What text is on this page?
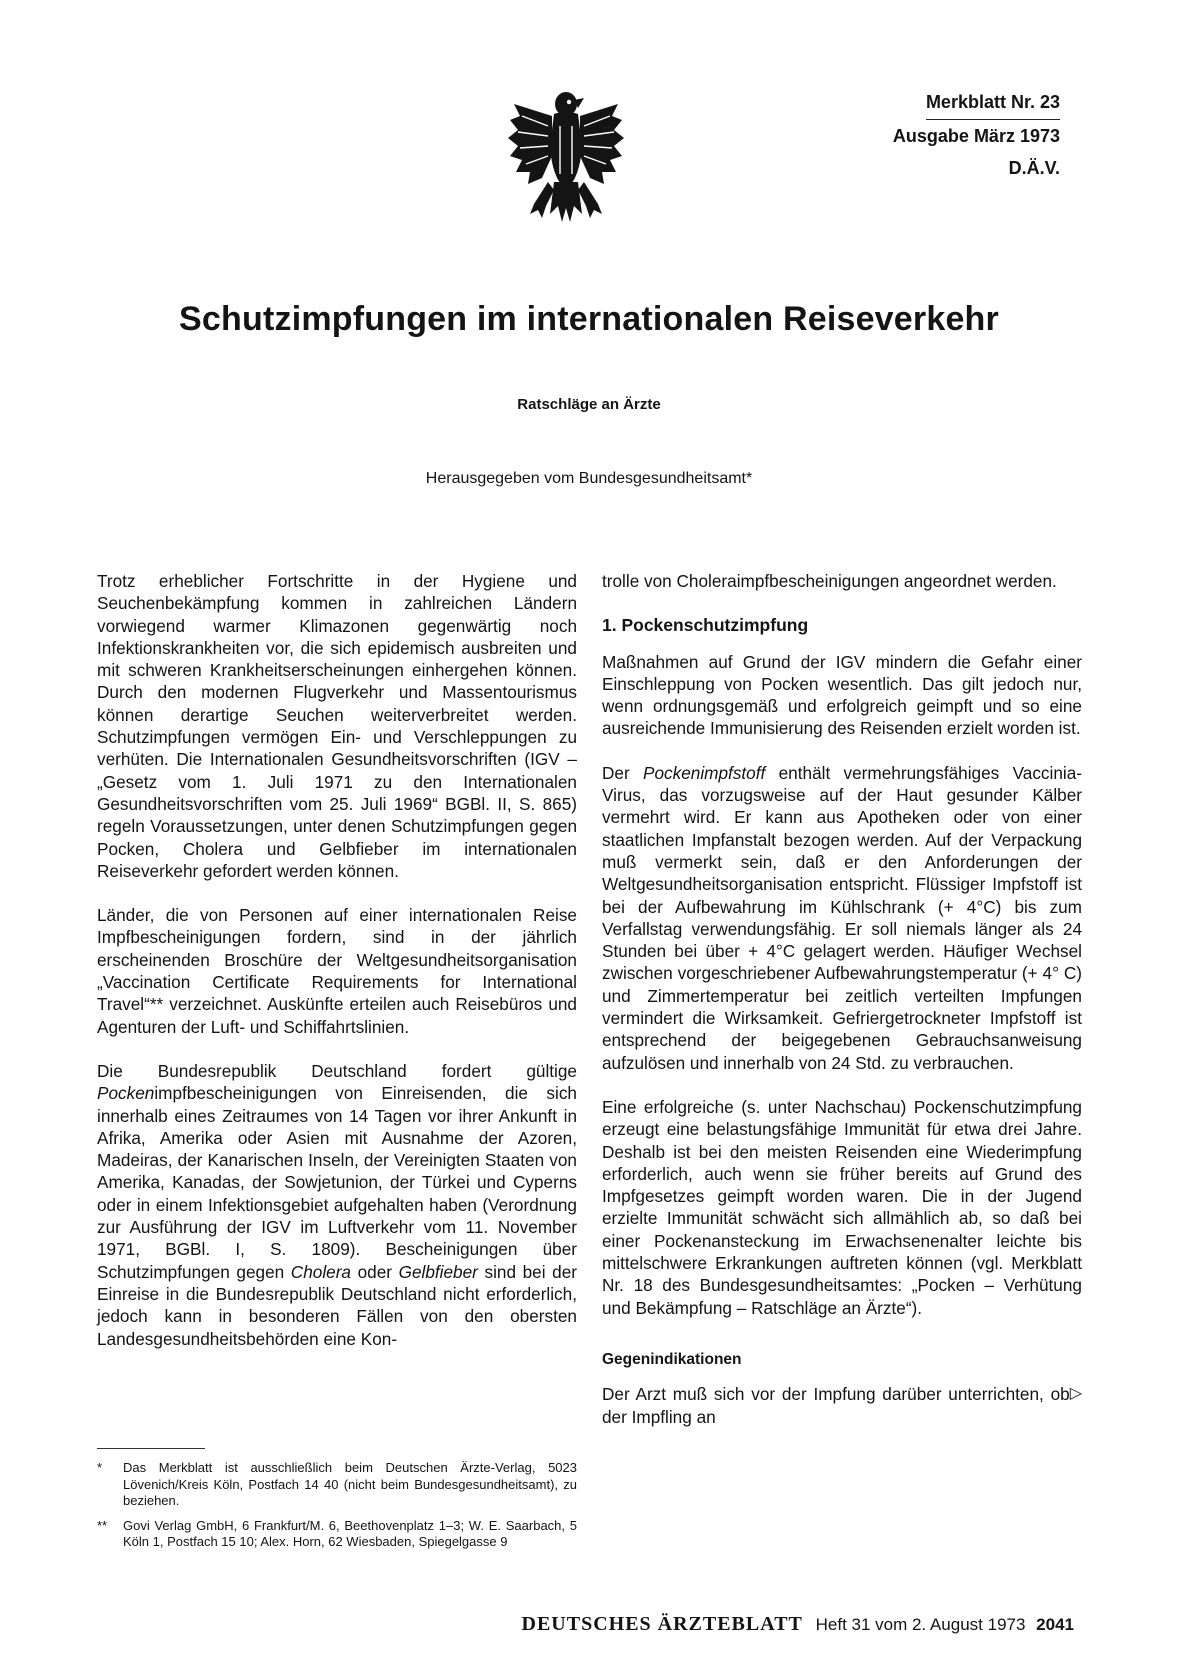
Merkblatt Nr. 23
Ausgabe März 1973
D.Ä.V.
Schutzimpfungen im internationalen Reiseverkehr
Ratschläge an Ärzte
Herausgegeben vom Bundesgesundheitsamt*

Trotz erheblicher Fortschritte in der Hygiene und Seuchenbekämpfung kommen in zahlreichen Ländern vorwiegend warmer Klimazonen gegenwärtig noch Infektionskrankheiten vor, die sich epidemisch ausbreiten und mit schweren Krankheitserscheinungen einhergehen können. Durch den modernen Flugverkehr und Massentourismus können derartige Seuchen weiterverbreitet werden. Schutzimpfungen vermögen Ein- und Verschleppungen zu verhüten. Die Internationalen Gesundheitsvorschriften (IGV – „Gesetz vom 1. Juli 1971 zu den Internationalen Gesundheitsvorschriften vom 25. Juli 1969“ BGBl. II, S. 865) regeln Voraussetzungen, unter denen Schutzimpfungen gegen Pocken, Cholera und Gelbfieber im internationalen Reiseverkehr gefordert werden können.

Länder, die von Personen auf einer internationalen Reise Impfbescheinigungen fordern, sind in der jährlich erscheinenden Broschüre der Weltgesundheitsorganisation „Vaccination Certificate Requirements for International Travel“** verzeichnet. Auskünfte erteilen auch Reisebüros und Agenturen der Luft- und Schiffahrtslinien.

Die Bundesrepublik Deutschland fordert gültige Pockenimpfbescheinigungen von Einreisenden, die sich innerhalb eines Zeitraumes von 14 Tagen vor ihrer Ankunft in Afrika, Amerika oder Asien mit Ausnahme der Azoren, Madeiras, der Kanarischen Inseln, der Vereinigten Staaten von Amerika, Kanadas, der Sowjetunion, der Türkei und Cyperns oder in einem Infektionsgebiet aufgehalten haben (Verordnung zur Ausführung der IGV im Luftverkehr vom 11. November 1971, BGBl. I, S. 1809). Bescheinigungen über Schutzimpfungen gegen Cholera oder Gelbfieber sind bei der Einreise in die Bundesrepublik Deutschland nicht erforderlich, jedoch kann in besonderen Fällen von den obersten Landesgesundheitsbehörden eine Kon-

trolle von Choleraimpfbescheinigungen angeordnet werden.

1. Pockenschutzimpfung

Maßnahmen auf Grund der IGV mindern die Gefahr einer Einschleppung von Pocken wesentlich. Das gilt jedoch nur, wenn ordnungsgemäß und erfolgreich geimpft und so eine ausreichende Immunisierung des Reisenden erzielt worden ist.

Der Pockenimpfstoff enthält vermehrungsfähiges Vaccinia-Virus, das vorzugsweise auf der Haut gesunder Kälber vermehrt wird. Er kann aus Apotheken oder von einer staatlichen Impfanstalt bezogen werden. Auf der Verpackung muß vermerkt sein, daß er den Anforderungen der Weltgesundheitsorganisation entspricht. Flüssiger Impfstoff ist bei der Aufbewahrung im Kühlschrank (+ 4°C) bis zum Verfallstag verwendungsfähig. Er soll niemals länger als 24 Stunden bei über + 4°C gelagert werden. Häufiger Wechsel zwischen vorgeschriebener Aufbewahrungstemperatur (+ 4° C) und Zimmertemperatur bei zeitlich verteilten Impfungen vermindert die Wirksamkeit. Gefriergetrockneter Impfstoff ist entsprechend der beigegebenen Gebrauchsanweisung aufzulösen und innerhalb von 24 Std. zu verbrauchen.

Eine erfolgreiche (s. unter Nachschau) Pockenschutzimpfung erzeugt eine belastungsfähige Immunität für etwa drei Jahre. Deshalb ist bei den meisten Reisenden eine Wiederimpfung erforderlich, auch wenn sie früher bereits auf Grund des Impfgesetzes geimpft worden waren. Die in der Jugend erzielte Immunität schwächt sich allmählich ab, so daß bei einer Pockenansteckung im Erwachsenenalter leichte bis mittelschwere Erkrankungen auftreten können (vgl. Merkblatt Nr. 18 des Bundesgesundheitsamtes: „Pocken – Verhütung und Bekämpfung – Ratschläge an Ärzte“).

Gegenindikationen

Der Arzt muß sich vor der Impfung darüber unterrichten, ob der Impfling an
▷

*	Das Merkblatt ist ausschließlich beim Deutschen Ärzte-Verlag, 5023 Lövenich/Kreis Köln, Postfach 14 40 (nicht beim Bundesgesundheitsamt), zu beziehen.
**	Govi Verlag GmbH, 6 Frankfurt/M. 6, Beethovenplatz 1–3; W. E. Saarbach, 5 Köln 1, Postfach 15 10; Alex. Horn, 62 Wiesbaden, Spiegelgasse 9
DEUTSCHES ÄRZTEBLATT Heft 31 vom 2. August 1973 2041
